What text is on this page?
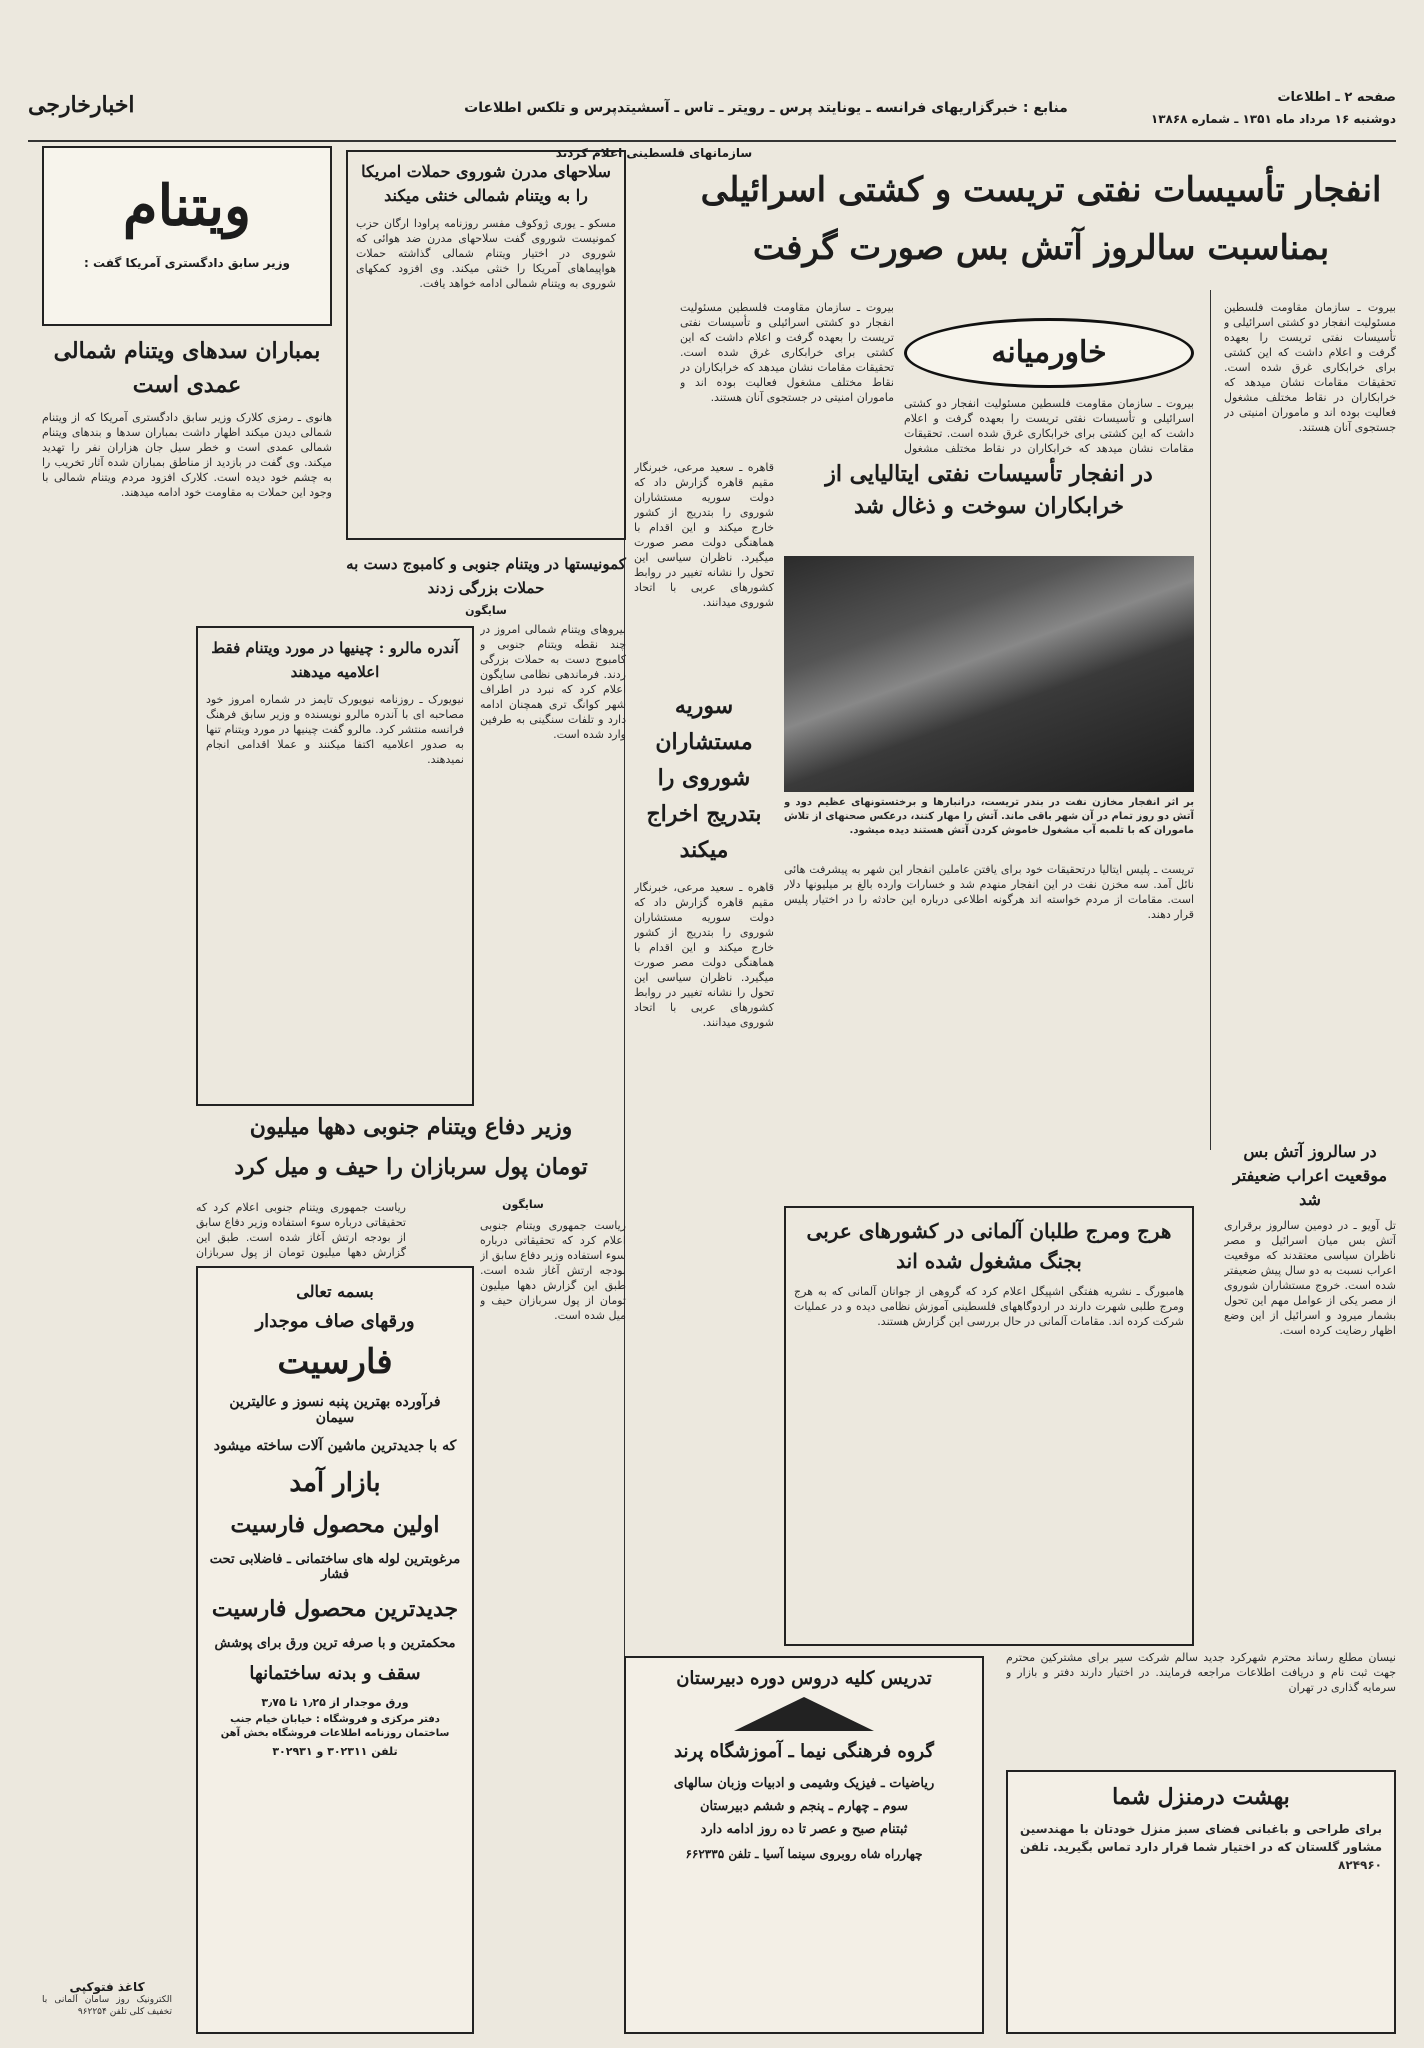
صفحه ۲ ـ اطلاعات
دوشنبه ۱۶ مرداد ماه ۱۳۵۱ ـ شماره ۱۳۸۶۸
منابع : خبرگزاریهای فرانسه ـ یونایتد پرس ـ رویتر ـ تاس ـ آسشیتدپرس و تلکس اطلاعات
اخبارخارجی
سازمانهای فلسطینی اعلام کردند
انفجار تأسیسات نفتی تریست و کشتی اسرائیلی
بمناسبت سالروز آتش بس صورت گرفت
بیروت ـ سازمان مقاومت فلسطین مسئولیت انفجار دو کشتی اسرائیلی و تأسیسات نفتی تریست را بعهده گرفت و اعلام داشت که این کشتی برای خرابکاری غرق شده است. تحقیقات مقامات نشان میدهد که خرابکاران در نقاط مختلف مشغول فعالیت بوده اند و ماموران امنیتی در جستجوی آنان هستند.
خاورمیانه
بیروت ـ سازمان مقاومت فلسطین مسئولیت انفجار دو کشتی اسرائیلی و تأسیسات نفتی تریست را بعهده گرفت و اعلام داشت که این کشتی برای خرابکاری غرق شده است. تحقیقات مقامات نشان میدهد که خرابکاران در نقاط مختلف مشغول
بیروت ـ سازمان مقاومت فلسطین مسئولیت انفجار دو کشتی اسرائیلی و تأسیسات نفتی تریست را بعهده گرفت و اعلام داشت که این کشتی برای خرابکاری غرق شده است. تحقیقات مقامات نشان میدهد که خرابکاران در نقاط مختلف مشغول فعالیت بوده اند و ماموران امنیتی در جستجوی آنان هستند.
در انفجار تأسیسات نفتی ایتالیایی از خرابکاران سوخت و ذغال شد
بر اثر انفجار مخازن نفت در بندر تریست، درانبارها و برختستونهای عظیم دود و آتش دو روز تمام در آن شهر باقی ماند. آتش را مهار کنند، درعکس صحنهای از تلاش ماموران که با تلمبه آب مشغول خاموش کردن آتش هستند دیده میشود.
تریست ـ پلیس ایتالیا درتحقیقات خود برای یافتن عاملین انفجار این شهر به پیشرفت هائی نائل آمد. سه مخزن نفت در این انفجار منهدم شد و خسارات وارده بالغ بر میلیونها دلار است. مقامات از مردم خواسته اند هرگونه اطلاعی درباره این حادثه را در اختیار پلیس قرار دهند.
قاهره ـ سعید مرعی، خبرنگار مقیم قاهره گزارش داد که دولت سوریه مستشاران شوروی را بتدریج از کشور خارج میکند و این اقدام با هماهنگی دولت مصر صورت میگیرد. ناظران سیاسی این تحول را نشانه تغییر در روابط کشورهای عربی با اتحاد شوروی میدانند.
سوریه مستشاران شوروی را بتدریج اخراج میکند
قاهره ـ سعید مرعی، خبرنگار مقیم قاهره گزارش داد که دولت سوریه مستشاران شوروی را بتدریج از کشور خارج میکند و این اقدام با هماهنگی دولت مصر صورت میگیرد. ناظران سیاسی این تحول را نشانه تغییر در روابط کشورهای عربی با اتحاد شوروی میدانند.
در سالروز آتش بس موقعیت اعراب ضعیفتر شد
تل آویو ـ در دومین سالروز برقراری آتش بس میان اسرائیل و مصر ناظران سیاسی معتقدند که موقعیت اعراب نسبت به دو سال پیش ضعیفتر شده است. خروج مستشاران شوروی از مصر یکی از عوامل مهم این تحول بشمار میرود و اسرائیل از این وضع اظهار رضایت کرده است.
هرج ومرج طلبان آلمانی در کشورهای عربی بجنگ مشغول شده اند
هامبورگ ـ نشریه هفتگی اشپیگل اعلام کرد که گروهی از جوانان آلمانی که به هرج ومرج طلبی شهرت دارند در اردوگاههای فلسطینی آموزش نظامی دیده و در عملیات شرکت کرده اند. مقامات آلمانی در حال بررسی این گزارش هستند.
نیسان مطلع رساند محترم شهرکرد جدید سالم شرکت سیر برای مشترکین محترم جهت ثبت نام و دریافت اطلاعات مراجعه فرمایند. در اختیار دارند دفتر و بازار و سرمایه گذاری در تهران
تدریس کلیه دروس دوره دبیرستان
گروه فرهنگی نیما ـ آموزشگاه پرند
ریاضیات ـ فیزیک وشیمی و ادبیات وزبان سالهای
سوم ـ چهارم ـ پنجم و ششم دبیرستان
ثبتنام صبح و عصر تا ده روز ادامه دارد
چهارراه شاه روبروی سینما آسیا ـ تلفن ۶۶۲۳۳۵
بهشت درمنزل شما
برای طراحی و باغبانی فضای سبز منزل خودتان با مهندسین مشاور گلستان که در اختیار شما قرار دارد تماس بگیرید. تلفن ۸۲۴۹۶۰
ویتنام
وزیر سابق دادگستری آمریکا گفت :
بمباران سدهای ویتنام شمالی عمدی است
هانوی ـ رمزی کلارک وزیر سابق دادگستری آمریکا که از ویتنام شمالی دیدن میکند اظهار داشت بمباران سدها و بندهای ویتنام شمالی عمدی است و خطر سیل جان هزاران نفر را تهدید میکند. وی گفت در بازدید از مناطق بمباران شده آثار تخریب را به چشم خود دیده است. کلارک افزود مردم ویتنام شمالی با وجود این حملات به مقاومت خود ادامه میدهند.
کاغذ فتوکپی
الکترونیک روز سامان آلمانی با تخفیف کلی تلفن ۹۶۲۲۵۴
سلاحهای مدرن شوروی حملات امریکا را به ویتنام شمالی خنثی میکند
مسکو ـ یوری ژوکوف مفسر روزنامه پراودا ارگان حزب کمونیست شوروی گفت سلاحهای مدرن ضد هوائی که شوروی در اختیار ویتنام شمالی گذاشته حملات هواپیماهای آمریکا را خنثی میکند. وی افزود کمکهای شوروی به ویتنام شمالی ادامه خواهد یافت.
کمونیستها در ویتنام جنوبی و کامبوج دست به حملات بزرگی زدند
سایگون
نیروهای ویتنام شمالی امروز در چند نقطه ویتنام جنوبی و کامبوج دست به حملات بزرگی زدند. فرماندهی نظامی سایگون اعلام کرد که نبرد در اطراف شهر کوانگ تری همچنان ادامه دارد و تلفات سنگینی به طرفین وارد شده است.
آندره مالرو : چینیها در مورد ویتنام فقط اعلامیه میدهند
نیویورک ـ روزنامه نیویورک تایمز در شماره امروز خود مصاحبه ای با آندره مالرو نویسنده و وزیر سابق فرهنگ فرانسه منتشر کرد. مالرو گفت چینیها در مورد ویتنام تنها به صدور اعلامیه اکتفا میکنند و عملا اقدامی انجام نمیدهند.
وزیر دفاع ویتنام جنوبی دهها میلیون
تومان پول سربازان را حیف و میل کرد
سایگون
ریاست جمهوری ویتنام جنوبی اعلام کرد که تحقیقاتی درباره سوء استفاده وزیر دفاع سابق از بودجه ارتش آغاز شده است. طبق این گزارش دهها میلیون تومان از پول سربازان
ریاست جمهوری ویتنام جنوبی اعلام کرد که تحقیقاتی درباره سوء استفاده وزیر دفاع سابق از بودجه ارتش آغاز شده است. طبق این گزارش دهها میلیون تومان از پول سربازان حیف و میل شده است.
بسمه تعالی
ورقهای صاف موجدار
فارسیت
فرآورده بهترین پنبه نسوز و عالیترین سیمان
که با جدیدترین ماشین آلات ساخته میشود
بازار آمد
اولین محصول فارسیت
مرغوبترین لوله های ساختمانی ـ فاضلابی تحت فشار
جدیدترین محصول فارسیت
محکمترین و با صرفه ترین ورق برای پوشش
سقف و بدنه ساختمانها
ورق موجدار از ۱٫۲۵ تا ۳٫۷۵
دفتر مرکزی و فروشگاه : خیابان خیام جنب ساختمان روزنامه اطلاعات فروشگاه بخش آهن
تلفن ۳۰۲۳۱۱ و ۳۰۲۹۳۱
